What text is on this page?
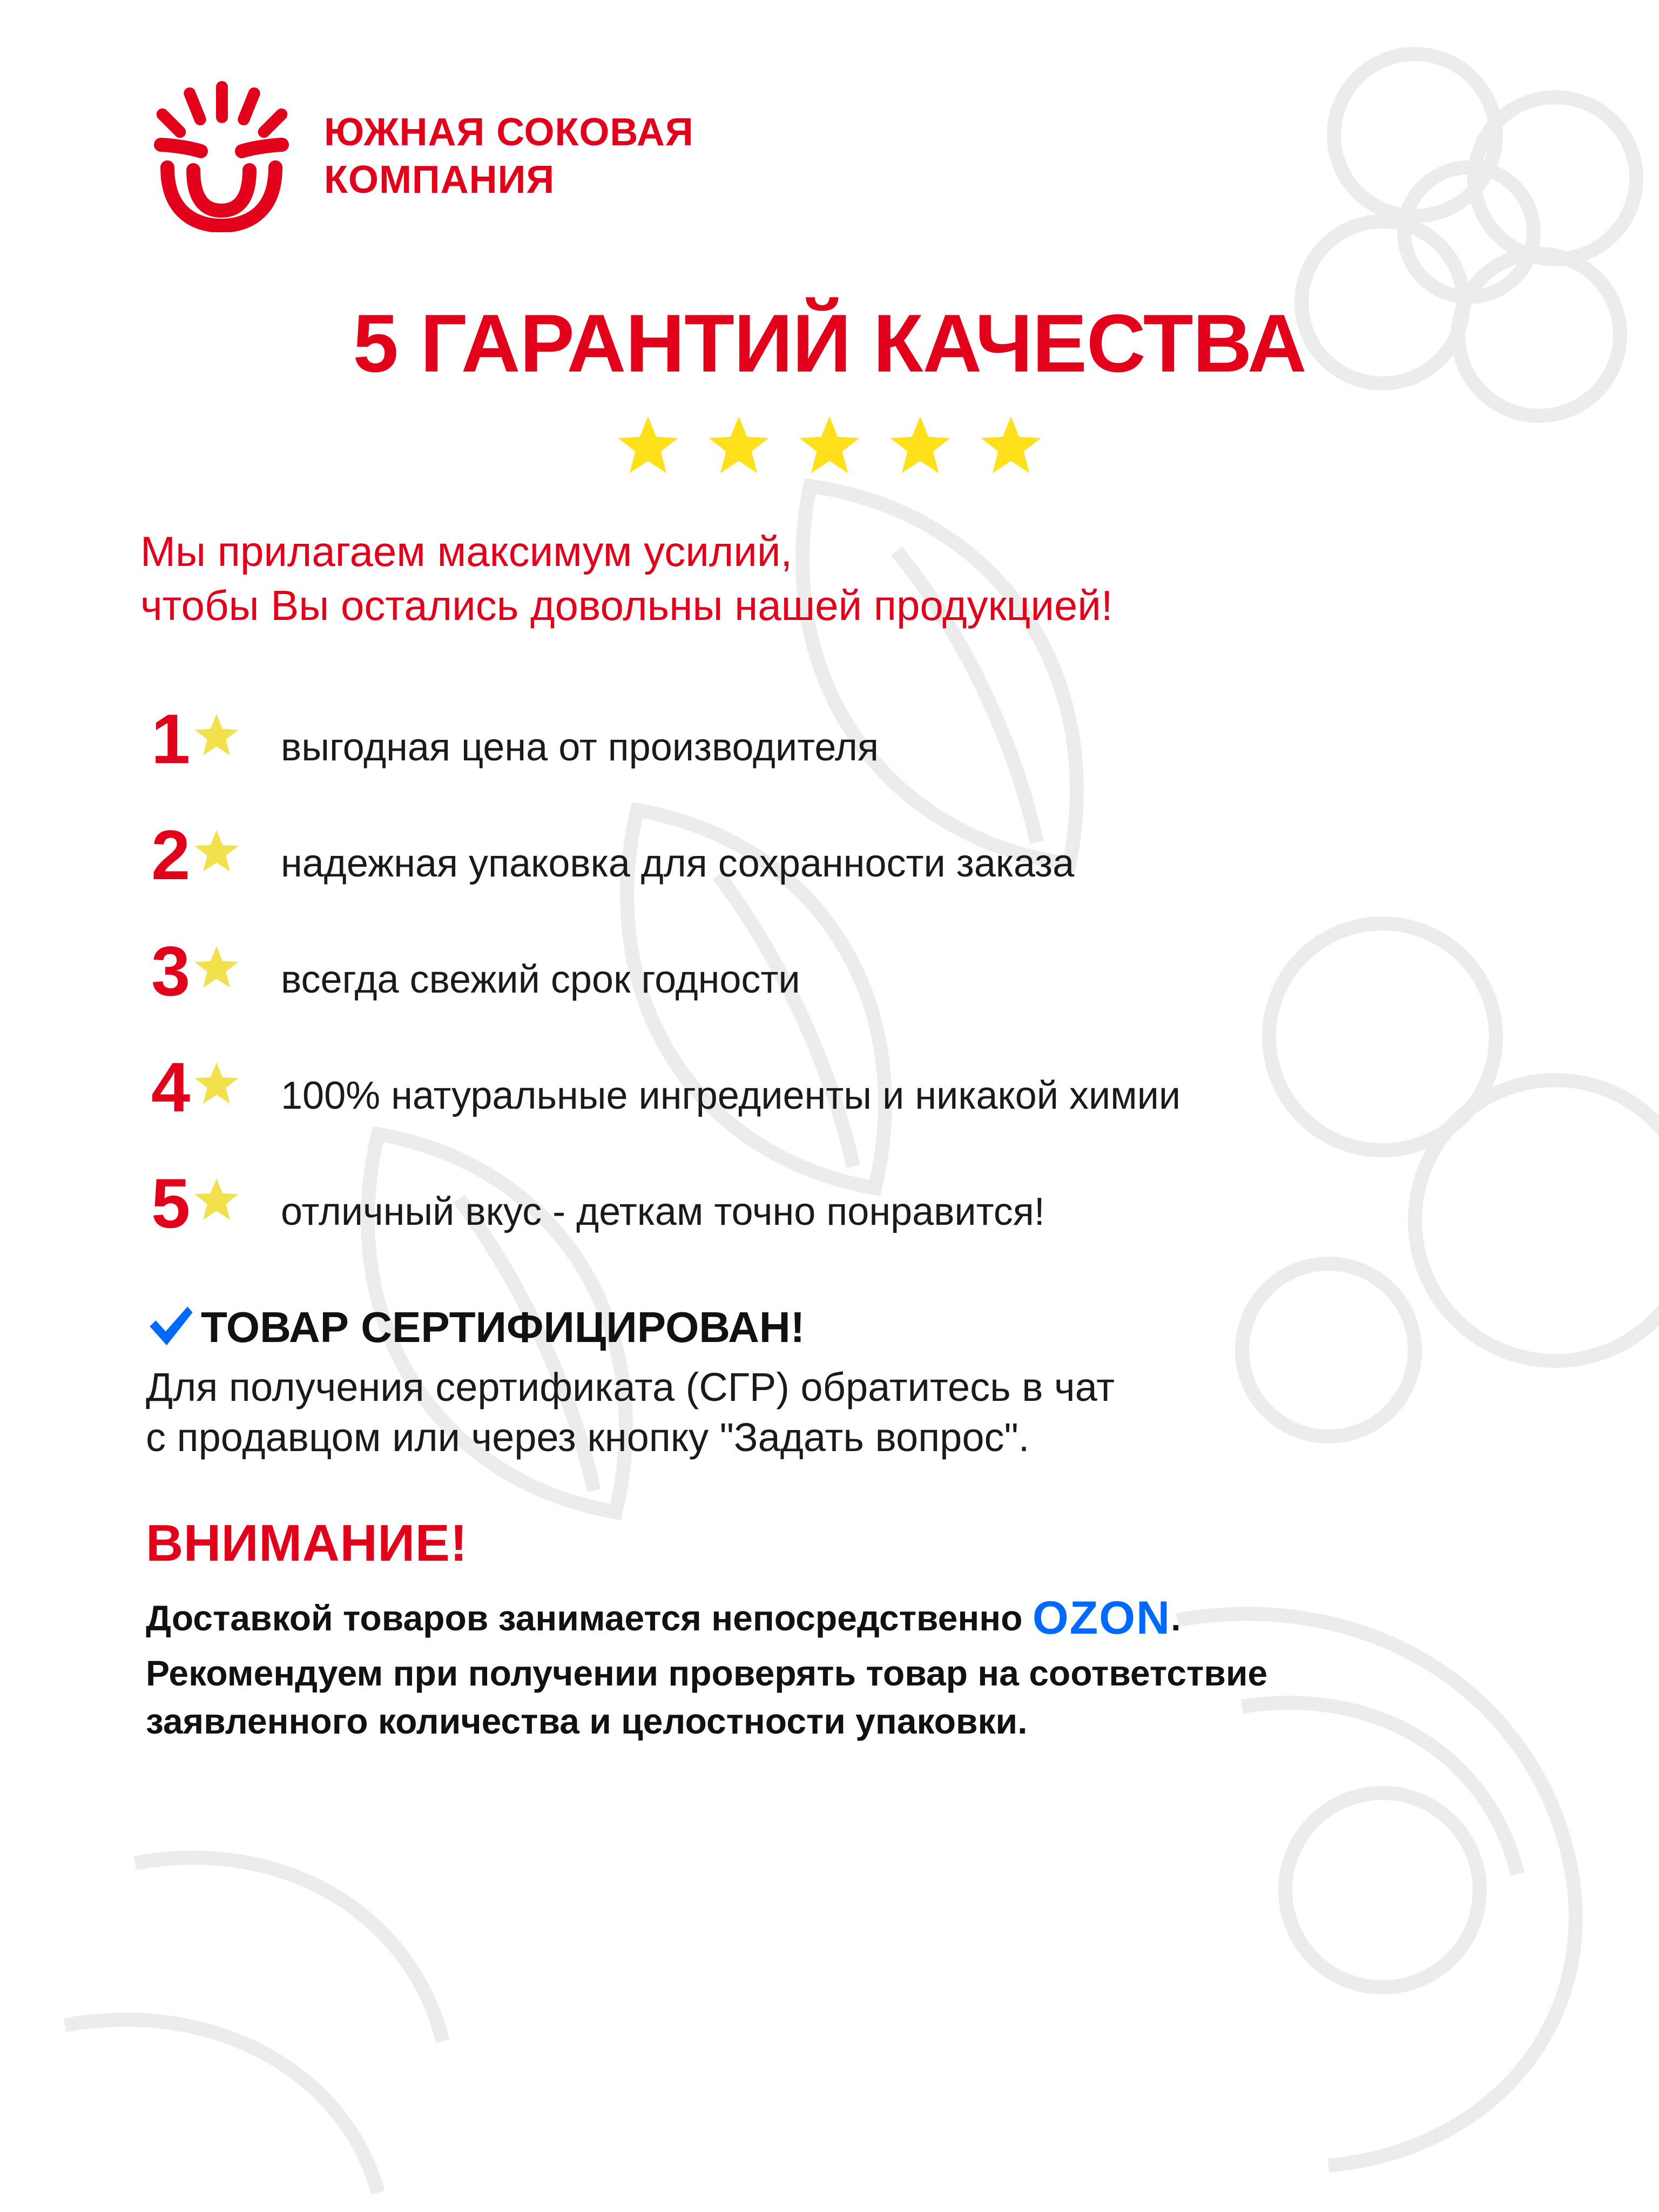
ЮЖНАЯ СОКОВАЯ
КОМПАНИЯ
5 ГАРАНТИЙ КАЧЕСТВА
Мы прилагаем максимум усилий,
чтобы Вы остались довольны нашей продукцией!
1 выгодная цена от производителя
2 надежная упаковка для сохранности заказа
3 всегда свежий срок годности
4 100% натуральные ингредиенты и никакой химии
5 отличный вкус - деткам точно понравится!
ТОВАР СЕРТИФИЦИРОВАН!
Для получения сертификата (СГР) обратитесь в чат
с продавцом или через кнопку "Задать вопрос".
ВНИМАНИЕ!
Доставкой товаров занимается непосредственно OZON.
Рекомендуем при получении проверять товар на соответствие
заявленного количества и целостности упаковки.
